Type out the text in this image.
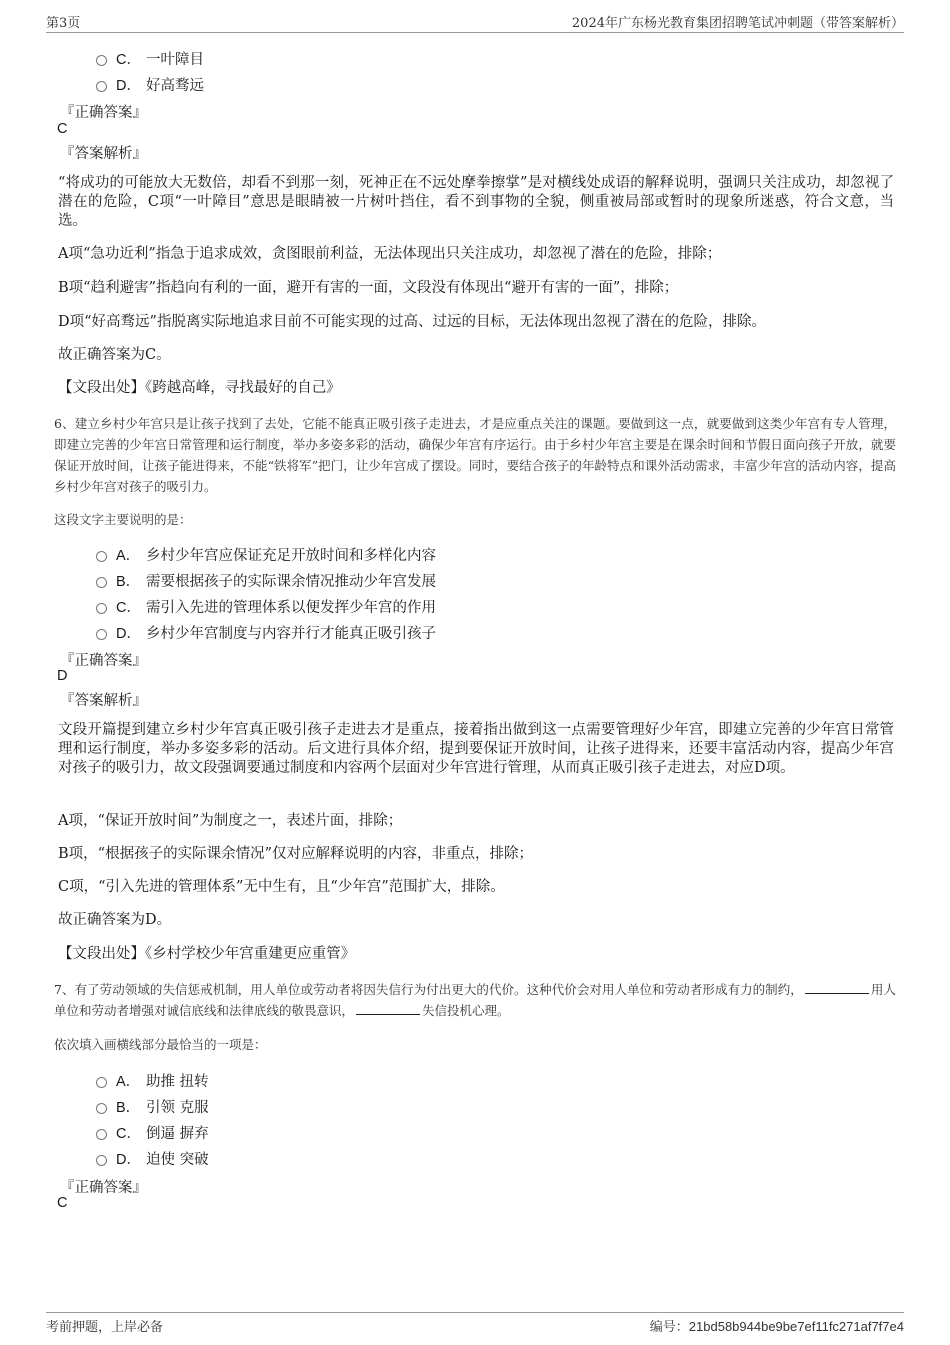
第3页	2024年广东杨光教育集团招聘笔试冲刺题（带答案解析）
C． 一叶障目
D． 好高骛远
『正确答案』
C
『答案解析』
“将成功的可能放大无数倍，却看不到那一刻，死神正在不远处摩拳擦掌”是对横线处成语的解释说明，强调只关注成功，却忽视了潜在的危险，C项“一叶障目”意思是眼睛被一片树叶挡住，看不到事物的全貌，侧重被局部或暂时的现象所迷惑，符合文意，当选。
A项“急功近利”指急于追求成效，贪图眼前利益，无法体现出只关注成功，却忽视了潜在的危险，排除；
B项“趋利避害”指趋向有利的一面，避开有害的一面，文段没有体现出“避开有害的一面”，排除；
D项“好高骛远”指脱离实际地追求目前不可能实现的过高、过远的目标，无法体现出忽视了潜在的危险，排除。
故正确答案为C。
【文段出处】《跨越高峰，寻找最好的自己》
6、建立乡村少年宫只是让孩子找到了去处，它能不能真正吸引孩子走进去，才是应重点关注的课题。要做到这一点，就要做到这类少年宫有专人管理，即建立完善的少年宫日常管理和运行制度，举办多姿多彩的活动，确保少年宫有序运行。由于乡村少年宫主要是在课余时间和节假日面向孩子开放，就要保证开放时间，让孩子能进得来，不能“铁将军”把门，让少年宫成了摆设。同时，要结合孩子的年龄特点和课外活动需求，丰富少年宫的活动内容，提高乡村少年宫对孩子的吸引力。
这段文字主要说明的是：
A． 乡村少年宫应保证充足开放时间和多样化内容
B． 需要根据孩子的实际课余情况推动少年宫发展
C． 需引入先进的管理体系以便发挥少年宫的作用
D． 乡村少年宫制度与内容并行才能真正吸引孩子
『正确答案』
D
『答案解析』
文段开篇提到建立乡村少年宫真正吸引孩子走进去才是重点，接着指出做到这一点需要管理好少年宫，即建立完善的少年宫日常管理和运行制度，举办多姿多彩的活动。后文进行具体介绍，提到要保证开放时间，让孩子进得来，还要丰富活动内容，提高少年宫对孩子的吸引力，故文段强调要通过制度和内容两个层面对少年宫进行管理，从而真正吸引孩子走进去，对应D项。
A项，“保证开放时间”为制度之一，表述片面，排除；
B项，“根据孩子的实际课余情况”仅对应解释说明的内容，非重点，排除；
C项，“引入先进的管理体系”无中生有，且“少年宫”范围扩大，排除。
故正确答案为D。
【文段出处】《乡村学校少年宫重建更应重管》
7、有了劳动领域的失信惩戒机制，用人单位或劳动者将因失信行为付出更大的代价。这种代价会对用人单位和劳动者形成有力的制约，	用人单位和劳动者增强对诚信底线和法律底线的敬畏意识，	失信投机心理。
依次填入画横线部分最恰当的一项是：
A． 助推 扭转
B． 引领 克服
C． 倒逼 摒弃
D． 迫使 突破
『正确答案』
C
考前押题，上岸必备	编号：21bd58b944be9be7ef11fc271af7f7e4
